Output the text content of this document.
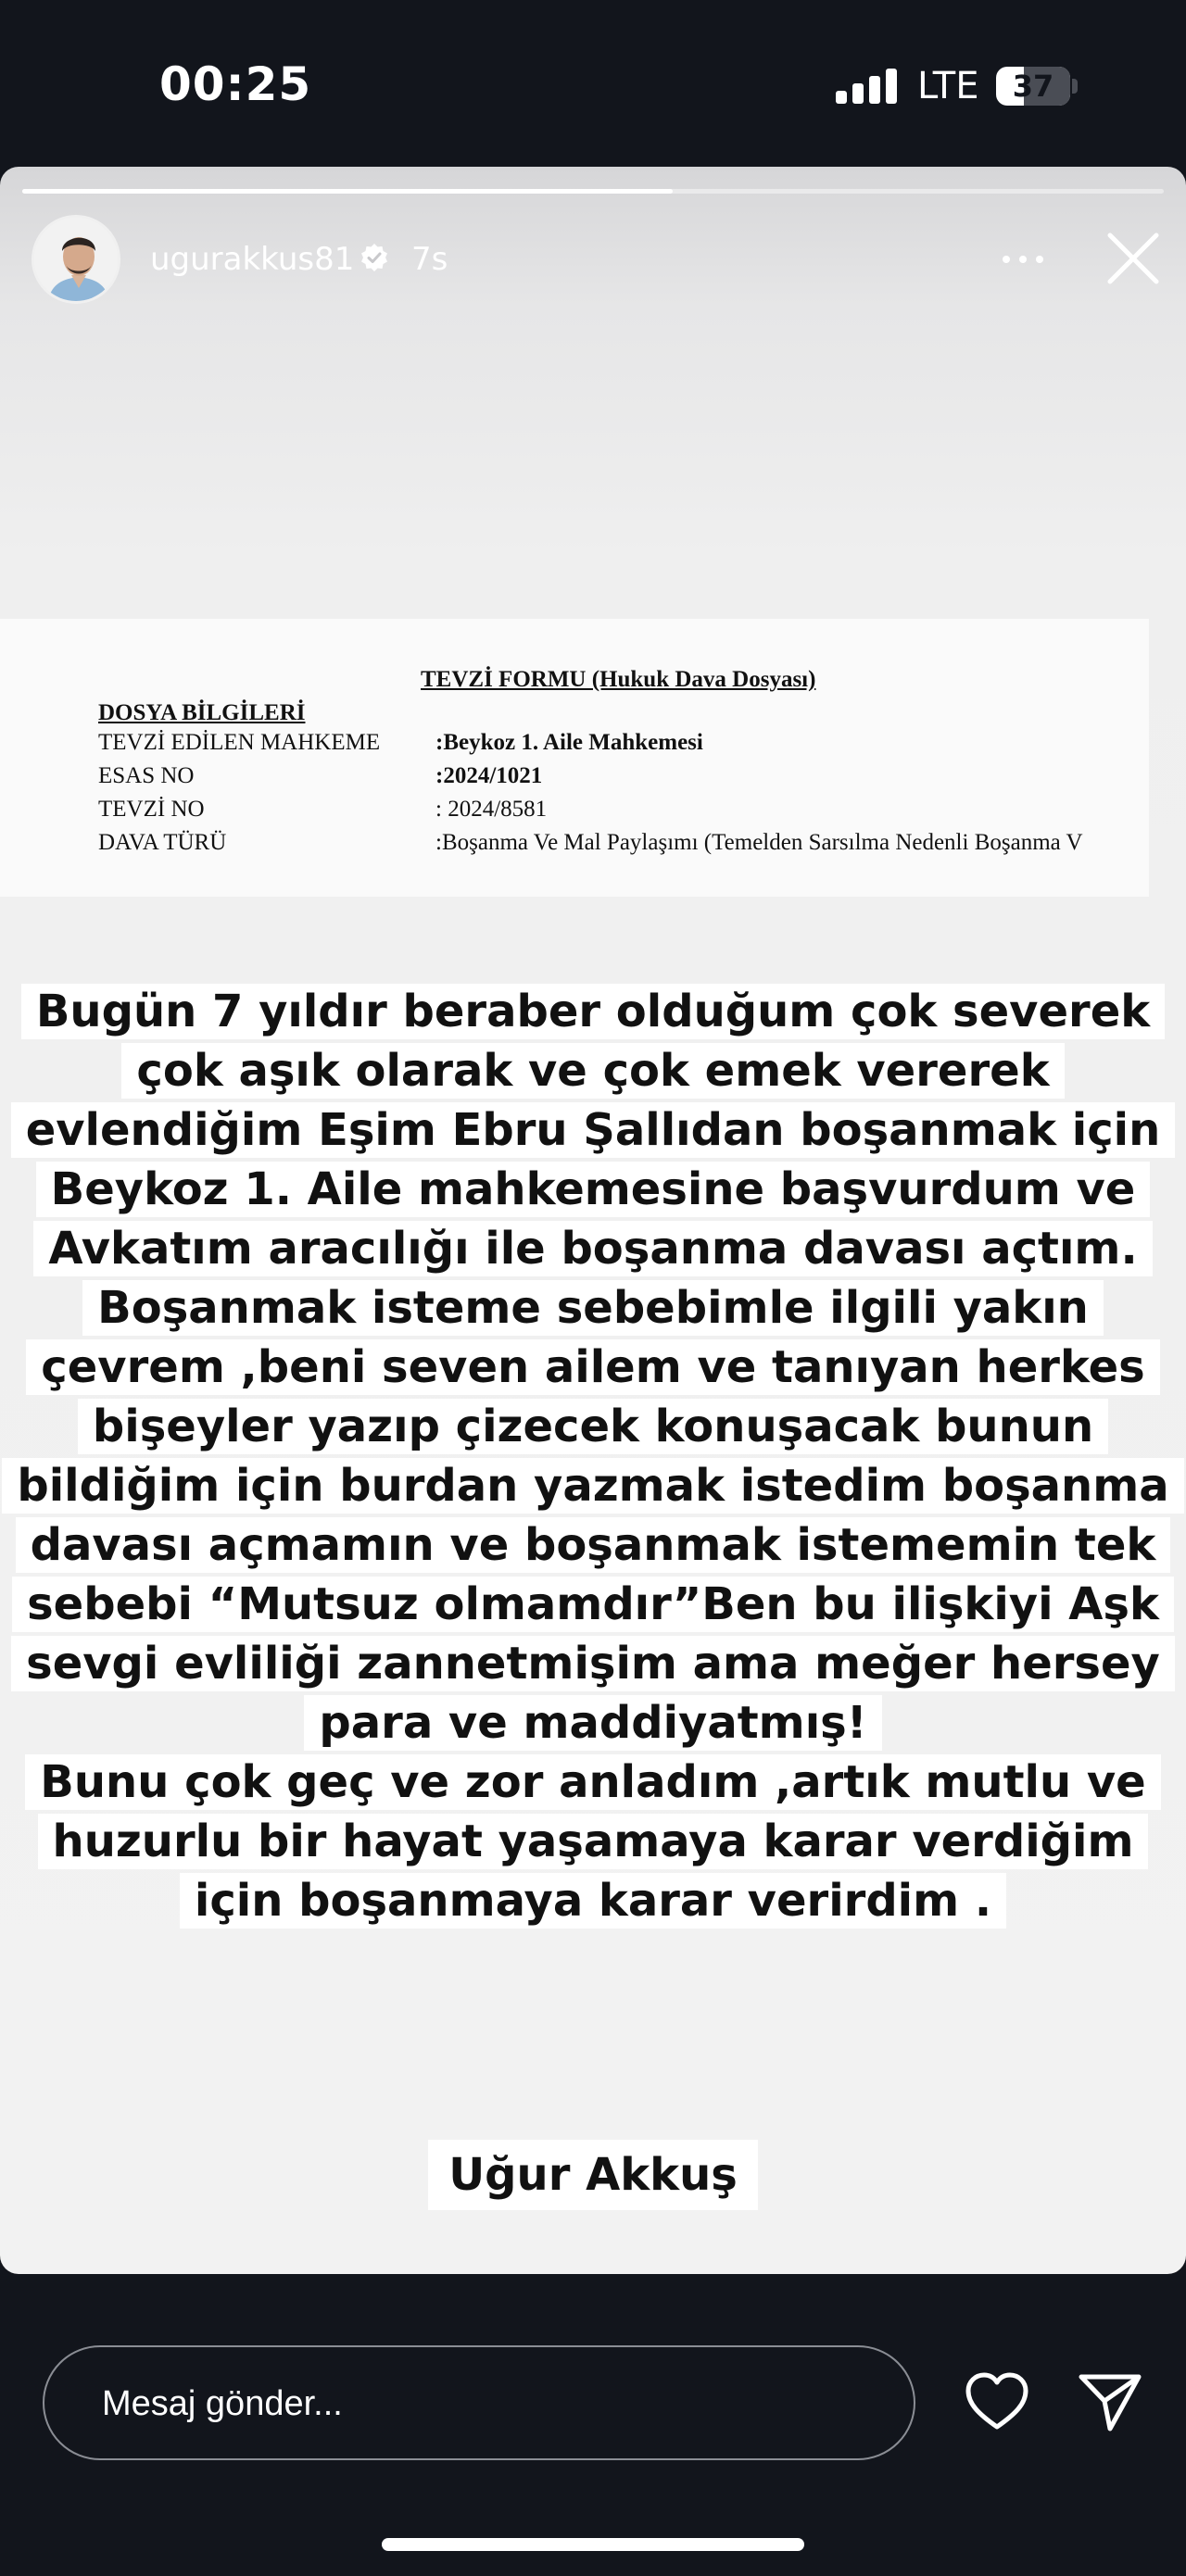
00:25	LTE	37
ugurakkus81 7s
TEVZİ FORMU (Hukuk Dava Dosyası)
DOSYA BİLGİLERİ
TEVZİ EDİLEN MAHKEME :Beykoz 1. Aile Mahkemesi
ESAS NO	:2024/1021
TEVZİ NO	: 2024/8581
DAVA TÜRÜ	:Boşanma Ve Mal Paylaşımı (Temelden Sarsılma Nedenli Boşanma V
Bugün 7 yıldır beraber olduğum çok severek
çok aşık olarak ve çok emek vererek
evlendiğim Eşim Ebru Şallıdan boşanmak için
Beykoz 1. Aile mahkemesine başvurdum ve
Avkatım aracılığı ile boşanma davası açtım.
Boşanmak isteme sebebimle ilgili yakın
çevrem ,beni seven ailem ve tanıyan herkes
bişeyler yazıp çizecek konuşacak bunun
bildiğim için burdan yazmak istedim boşanma
davası açmamın ve boşanmak istememin tek
sebebi “Mutsuz olmamdır”Ben bu ilişkiyi Aşk
sevgi evliliği zannetmişim ama meğer hersey
para ve maddiyatmış!
Bunu çok geç ve zor anladım ,artık mutlu ve
huzurlu bir hayat yaşamaya karar verdiğim
için boşanmaya karar verirdim .
Uğur Akkuş
Mesaj gönder...
